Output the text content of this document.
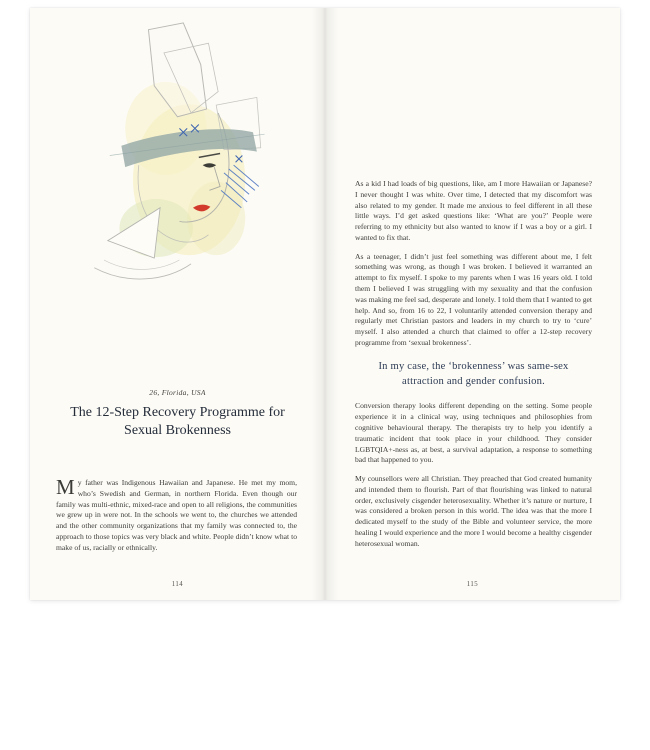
26, Florida, USA
The 12-Step Recovery Programme for Sexual Brokenness

My father was Indigenous Hawaiian and Japanese. He met my mom, who’s Swedish and German, in northern Florida. Even though our family was multi-ethnic, mixed-race and open to all religions, the communities we grew up in were not. In the schools we went to, the churches we attended and the other community organizations that my family was connected to, the approach to those topics was very black and white. People didn’t know what to make of us, racially or ethnically.

114

As a kid I had loads of big questions, like, am I more Hawaiian or Japanese? I never thought I was white. Over time, I detected that my discomfort was also related to my gender. It made me anxious to feel different in all these little ways. I’d get asked questions like: ‘What are you?’ People were referring to my ethnicity but also wanted to know if I was a boy or a girl. I wanted to fix that.

As a teenager, I didn’t just feel something was different about me, I felt something was wrong, as though I was broken. I believed it warranted an attempt to fix myself. I spoke to my parents when I was 16 years old. I told them I believed I was struggling with my sexuality and that the confusion was making me feel sad, desperate and lonely. I told them that I wanted to get help. And so, from 16 to 22, I voluntarily attended conversion therapy and regularly met Christian pastors and leaders in my church to try to ‘cure’ myself. I also attended a church that claimed to offer a 12-step recovery programme from ‘sexual brokenness’.

In my case, the ‘brokenness’ was same-sex attraction and gender confusion.

Conversion therapy looks different depending on the setting. Some people experience it in a clinical way, using techniques and philosophies from cognitive behavioural therapy. The therapists try to help you identify a traumatic incident that took place in your childhood. They consider LGBTQIA+-ness as, at best, a survival adaptation, a response to something bad that happened to you.

My counsellors were all Christian. They preached that God created humanity and intended them to flourish. Part of that flourishing was linked to natural order, exclusively cisgender heterosexuality. Whether it’s nature or nurture, I was considered a broken person in this world. The idea was that the more I dedicated myself to the study of the Bible and volunteer service, the more healing I would experience and the more I would become a healthy cisgender heterosexual woman.

115
